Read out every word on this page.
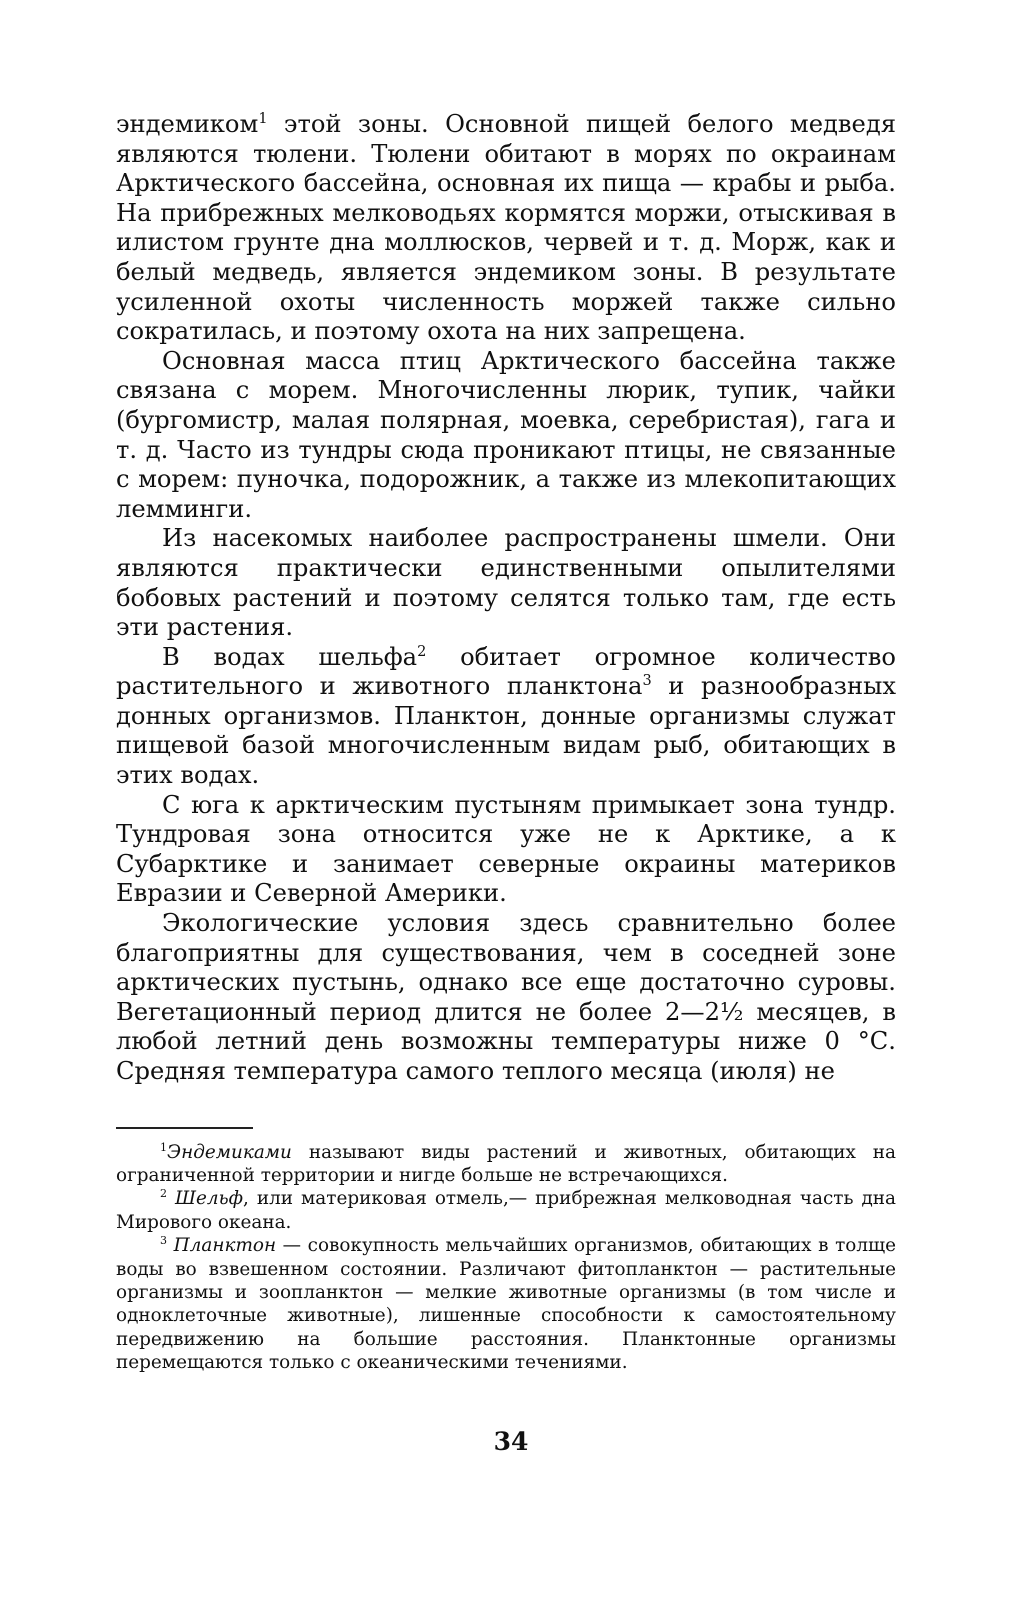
эндемиком$^1$ этой зоны. Основной пищей белого медведя являются тюлени. Тюлени обитают в морях по окраинам Арктического бассейна, основная их пища — крабы и рыба. На прибрежных мелководьях кормятся моржи, отыскивая в илистом грунте дна моллюсков, червей и т. д. Морж, как и белый медведь, является эндемиком зоны. В результате усиленной охоты численность моржей также сильно сократилась, и поэтому охота на них запрещена.

Основная масса птиц Арктического бассейна также связана с морем. Многочисленны люрик, тупик, чайки (бургомистр, малая полярная, моевка, серебристая), гага и т. д. Часто из тундры сюда проникают птицы, не связанные с морем: пуночка, подорожник, а также из млекопитающих лемминги.

Из насекомых наиболее распространены шмели. Они являются практически единственными опылителями бобовых растений и поэтому селятся только там, где есть эти растения.

В водах шельфа$^2$ обитает огромное количество растительного и животного планктона$^3$ и разнообразных донных организмов. Планктон, донные организмы служат пищевой базой многочисленным видам рыб, обитающих в этих водах.

С юга к арктическим пустыням примыкает зона тундр. Тундровая зона относится уже не к Арктике, а к Субарктике и занимает северные окраины материков Евразии и Северной Америки.

Экологические условия здесь сравнительно более благоприятны для существования, чем в соседней зоне арктических пустынь, однако все еще достаточно суровы. Вегетационный период длится не более 2—2½ месяцев, в любой летний день возможны температуры ниже 0 °С. Средняя температура самого теплого месяца (июля) не

$^1$Эндемиками называют виды растений и животных, обитающих на ограниченной территории и нигде больше не встречающихся.

$^2$ Шельф, или материковая отмель,— прибрежная мелководная часть дна Мирового океана.

$^3$ Планктон — совокупность мельчайших организмов, обитающих в толще воды во взвешенном состоянии. Различают фитопланктон — растительные организмы и зоопланктон — мелкие животные организмы (в том числе и одноклеточные животные), лишенные способности к самостоятельному передвижению на большие расстояния. Планктонные организмы перемещаются только с океаническими течениями.

34
